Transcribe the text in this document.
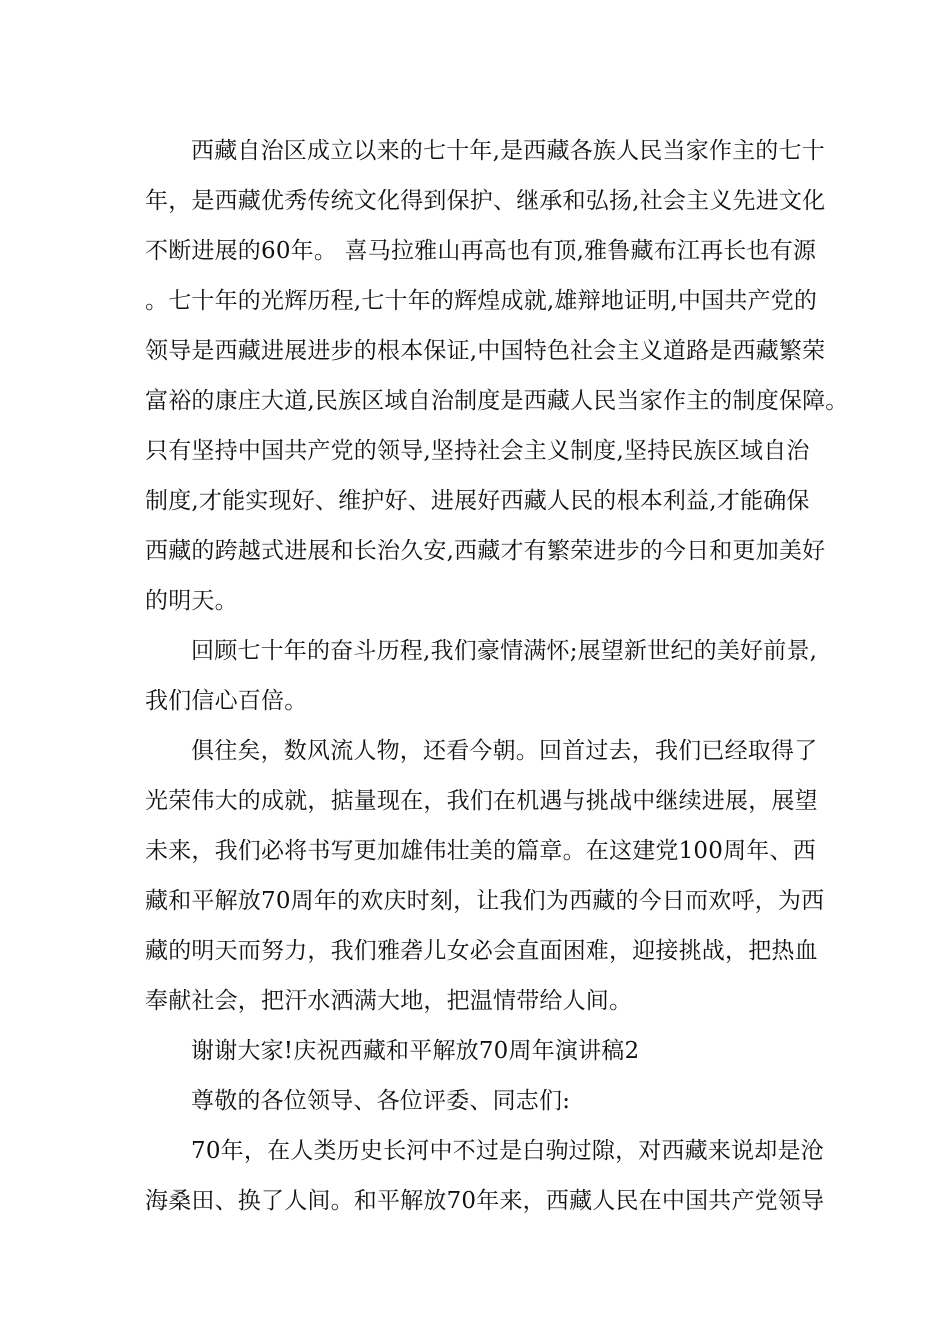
西藏自治区成立以来的七十年,是西藏各族人民当家作主的七十
年，是西藏优秀传统文化得到保护、继承和弘扬,社会主义先进文化
不断进展的60年。 喜马拉雅山再高也有顶,雅鲁藏布江再长也有源
。七十年的光辉历程,七十年的辉煌成就,雄辩地证明,中国共产党的
领导是西藏进展进步的根本保证,中国特色社会主义道路是西藏繁荣
富裕的康庄大道,民族区域自治制度是西藏人民当家作主的制度保障。
只有坚持中国共产党的领导,坚持社会主义制度,坚持民族区域自治
制度,才能实现好、维护好、进展好西藏人民的根本利益,才能确保
西藏的跨越式进展和长治久安,西藏才有繁荣进步的今日和更加美好
的明天。
回顾七十年的奋斗历程,我们豪情满怀;展望新世纪的美好前景,
我们信心百倍。
俱往矣，数风流人物，还看今朝。回首过去，我们已经取得了
光荣伟大的成就，掂量现在，我们在机遇与挑战中继续进展，展望
未来，我们必将书写更加雄伟壮美的篇章。在这建党100周年、西
藏和平解放70周年的欢庆时刻，让我们为西藏的今日而欢呼，为西
藏的明天而努力，我们雅砻儿女必会直面困难，迎接挑战，把热血
奉献社会，把汗水洒满大地，把温情带给人间。
谢谢大家!庆祝西藏和平解放70周年演讲稿2
尊敬的各位领导、各位评委、同志们:
70年，在人类历史长河中不过是白驹过隙，对西藏来说却是沧
海桑田、换了人间。和平解放70年来，西藏人民在中国共产党领导
